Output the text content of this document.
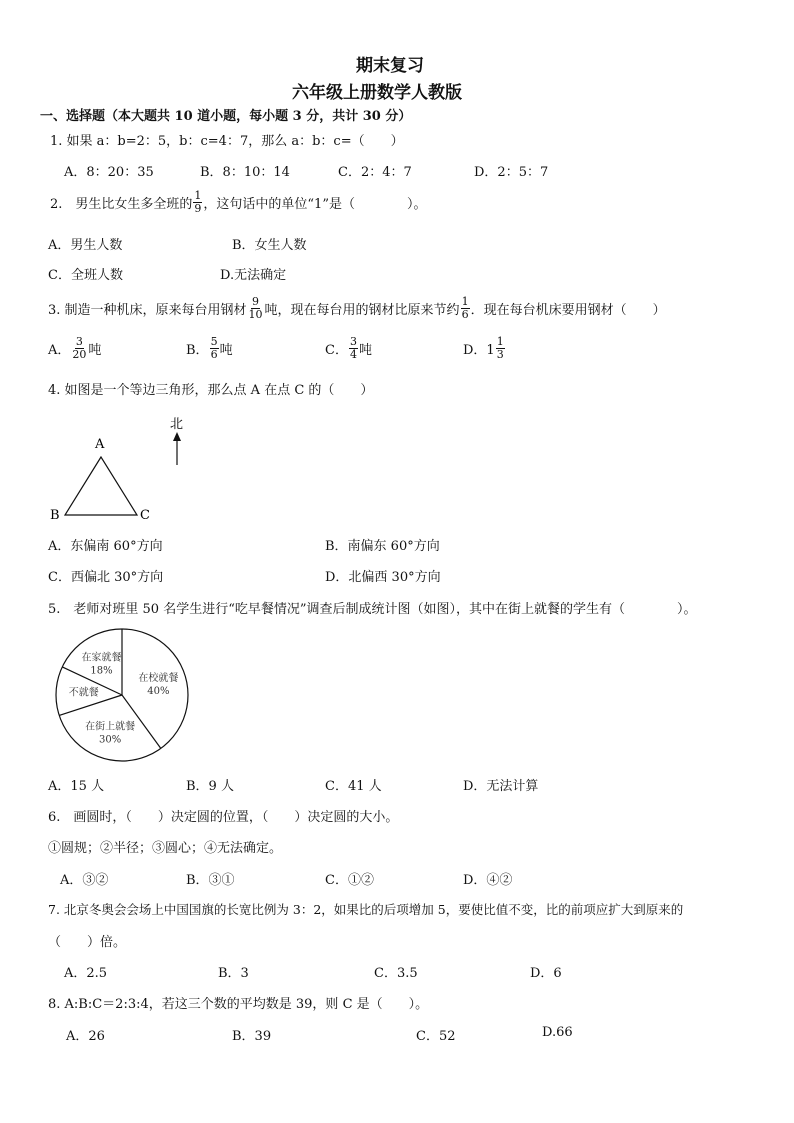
期末复习
六年级上册数学人教版
一、选择题（本大题共 10 道小题，每小题 3 分，共计 30 分）
1. 如果 a：b=2：5，b：c=4：7，那么 a：b：c=（　　）
A．8：20：35	B．8：10：14	C．2：4：7	D．2：5：7
2.　男生比女生多全班的 $\frac{1}{9}$ ，这句话中的单位“1”是（　　　　）。
A．男生人数	B．女生人数
C．全班人数	D.无法确定
3. 制造一种机床，原来每台用钢材 $\frac{9}{10}$ 吨，现在每台用的钢材比原来节约 $\frac{1}{6}$ ．现在每台机床要用钢材（　　）
A． $\frac{3}{20}$ 吨	B． $\frac{5}{6}$ 吨	C． $\frac{3}{4}$ 吨	D．$1 \frac{1}{3}$
4. 如图是一个等边三角形，那么点 A 在点 C 的（　　）
A
B	C
北
A．东偏南 60°方向	B．南偏东 60°方向
C．西偏北 30°方向	D．北偏西 30°方向
5.　老师对班里 50 名学生进行“吃早餐情况”调查后制成统计图（如图），其中在街上就餐的学生有（　　　　）。
在校就餐
40%
在街上就餐
30%
不就餐
在家就餐
18%
A．15 人	B．9 人	C．41 人	D．无法计算
6.　画圆时，（　　）决定圆的位置，（　　）决定圆的大小。
①圆规；②半径；③圆心；④无法确定。
A．③②	B．③①	C．①②	D．④②
7. 北京冬奥会会场上中国国旗的长宽比例为 3：2，如果比的后项增加 5，要使比值不变，比的前项应扩大到原来的
（　　）倍。
A．2.5	B．3	C．3.5	D．6
8. A:B:C＝2:3:4，若这三个数的平均数是 39，则 C 是（　　）。
A．26	B．39	C．52	D.66
